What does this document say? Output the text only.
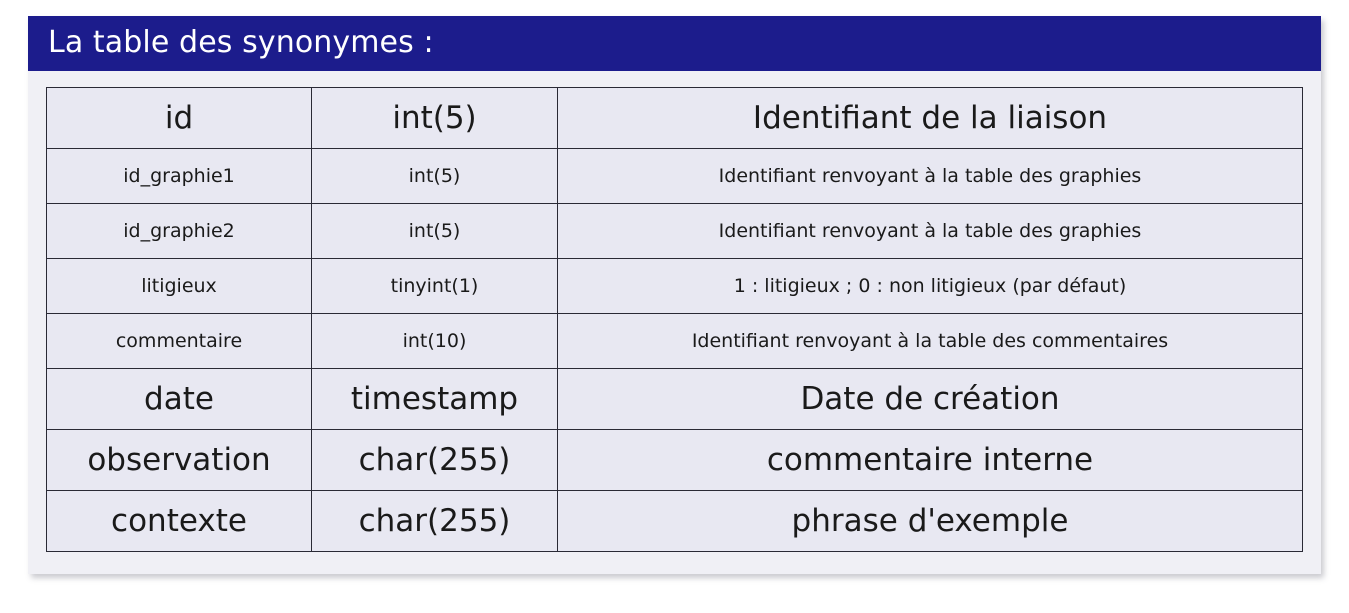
La table des synonymes :
id	int(5)	Identifiant de la liaison
id_graphie1	int(5)	Identifiant renvoyant à la table des graphies
id_graphie2	int(5)	Identifiant renvoyant à la table des graphies
litigieux	tinyint(1)	1 : litigieux ; 0 : non litigieux (par défaut)
commentaire	int(10)	Identifiant renvoyant à la table des commentaires
date	timestamp	Date de création
observation	char(255)	commentaire interne
contexte	char(255)	phrase d'exemple
